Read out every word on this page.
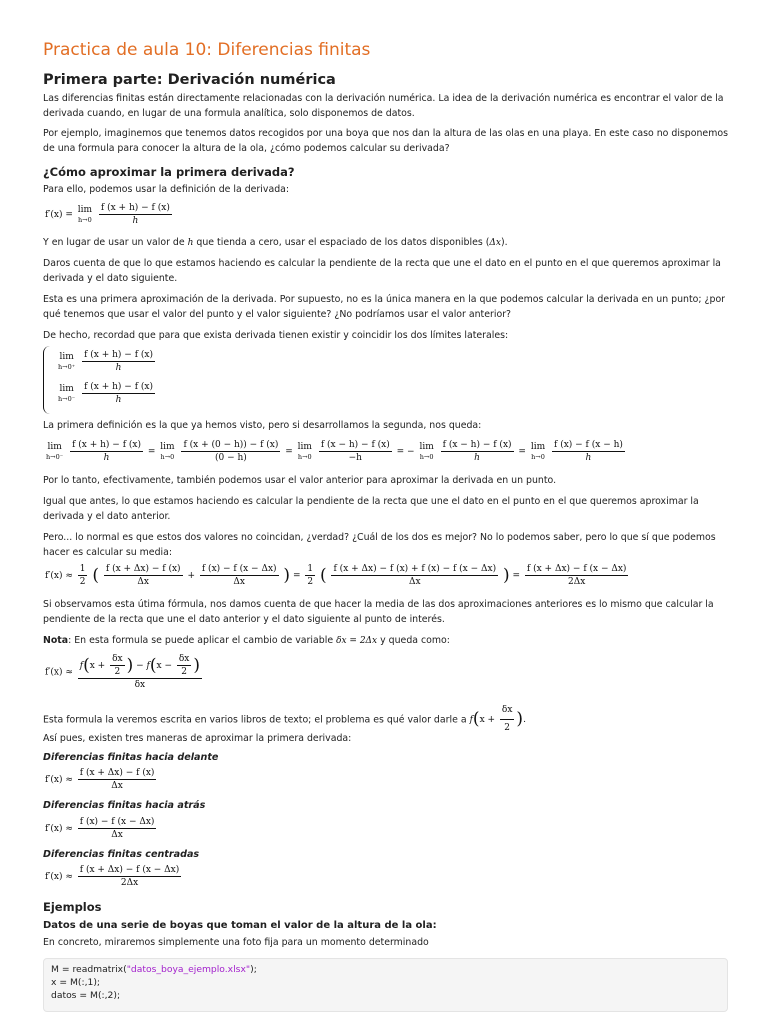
Practica de aula 10: Diferencias finitas
Primera parte: Derivación numérica
Las diferencias finitas están directamente relacionadas con la derivación numérica. La idea de la derivación numérica es encontrar el valor de la derivada cuando, en lugar de una formula analítica, solo disponemos de datos.
Por ejemplo, imaginemos que tenemos datos recogidos por una boya que nos dan la altura de las olas en una playa. En este caso no disponemos de una formula para conocer la altura de la ola, ¿cómo podemos calcular su derivada?
¿Cómo aproximar la primera derivada?
Para ello, podemos usar la definición de la derivada:
f′(x) = lim
h→0
$\frac{f (x + h) - f (x)}{h}$
Y en lugar de usar un valor de h que tienda a cero, usar el espaciado de los datos disponibles (Δx).
Daros cuenta de que lo que estamos haciendo es calcular la pendiente de la recta que une el dato en el punto en el que queremos aproximar la derivada y el dato siguiente.
Esta es una primera aproximación de la derivada. Por supuesto, no es la única manera en la que podemos calcular la derivada en un punto; ¿por qué tenemos que usar el valor del punto y el valor siguiente? ¿No podríamos usar el valor anterior?
De hecho, recordad que para que exista derivada tienen existir y coincidir los dos límites laterales:
lim
h→0⁺
$\frac{f (x + h) - f (x)}{h}$
lim
h→0⁻
$\frac{f (x + h) - f (x)}{h}$
La primera definición es la que ya hemos visto, pero si desarrollamos la segunda, nos queda:
lim
h→0⁻
$\frac{f (x + h) - f (x)}{h} = \lim$
h→0
$\frac{f (x + (0 - h)) - f (x)}{(0 - h)} = \lim$
h→0
$\frac{f (x - h) - f (x)}{-h}$ = − lim
h→0
$\frac{f (x - h) - f (x)}{h} = \lim$
h→0
$\frac{f (x) - f (x - h)}{h}$
Por lo tanto, efectivamente, también podemos usar el valor anterior para aproximar la derivada en un punto.
Igual que antes, lo que estamos haciendo es calcular la pendiente de la recta que une el dato en el punto en el que queremos aproximar la derivada y el dato anterior.
Pero... lo normal es que estos dos valores no coincidan, ¿verdad? ¿Cuál de los dos es mejor? No lo podemos saber, pero lo que sí que podemos hacer es calcular su media:
$f'(x) \approx \frac{1}{2}$ ( $\frac{f (x + \Delta x) - f (x)}{\Delta x} + \frac{f (x) - f (x - \Delta x)}{\Delta x}$ ) = $\frac{1}{2}$ ( $\frac{f (x + \Delta x) - f (x) + f (x) - f (x - \Delta x)}{\Delta x}$ ) = $\frac{f (x + \Delta x) - f (x - \Delta x)}{2\Delta x}$
Si observamos esta útima fórmula, nos damos cuenta de que hacer la media de las dos aproximaciones anteriores es lo mismo que calcular la pendiente de la recta que une el dato anterior y el dato siguiente al punto de interés.
Nota: En esta formula se puede aplicar el cambio de variable δx = 2Δx y queda como:
$f'(x) \approx \frac{f(x + \frac{\delta x}{2} ) - f(x - \frac{\delta x}{2} )}{\delta x}$
Esta formula la veremos escrita en varios libros de texto; el problema es qué valor darle a $f(x + \frac{\delta x}{2}$ ).
Así pues, existen tres maneras de aproximar la primera derivada:
Diferencias finitas hacia delante
$f'(x) \approx \frac{f (x + \Delta x) - f (x)}{\Delta x}$
Diferencias finitas hacia atrás
$f'(x) \approx \frac{f (x) - f (x - \Delta x)}{\Delta x}$
Diferencias finitas centradas
$f'(x) \approx \frac{f (x + \Delta x) - f (x - \Delta x)}{2\Delta x}$
Ejemplos
Datos de una serie de boyas que toman el valor de la altura de la ola:
En concreto, miraremos simplemente una foto fija para un momento determinado
M = readmatrix("datos_boya_ejemplo.xlsx");
x = M(:,1);
datos = M(:,2);
